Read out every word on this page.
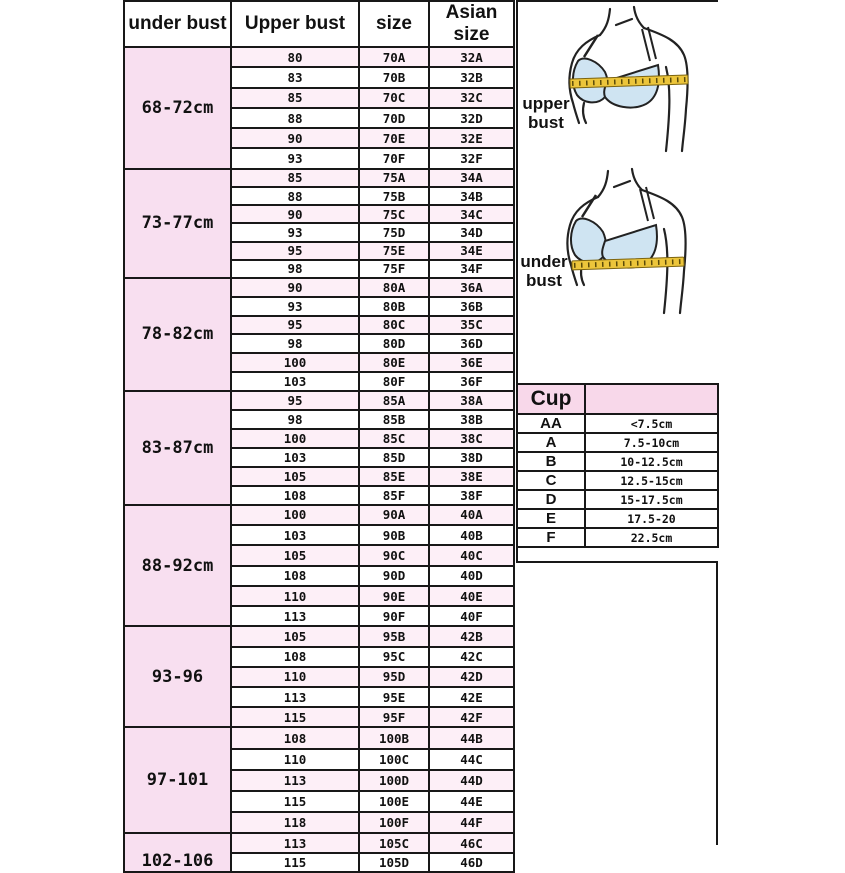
under bust	Upper bust	size	Asian size
68-72cm	80	70A	32A
	83	70B	32B
	85	70C	32C
	88	70D	32D
	90	70E	32E
	93	70F	32F
73-77cm	85	75A	34A
	88	75B	34B
	90	75C	34C
	93	75D	34D
	95	75E	34E
	98	75F	34F
78-82cm	90	80A	36A
	93	80B	36B
	95	80C	35C
	98	80D	36D
	100	80E	36E
	103	80F	36F
83-87cm	95	85A	38A
	98	85B	38B
	100	85C	38C
	103	85D	38D
	105	85E	38E
	108	85F	38F
88-92cm	100	90A	40A
	103	90B	40B
	105	90C	40C
	108	90D	40D
	110	90E	40E
	113	90F	40F
93-96	105	95B	42B
	108	95C	42C
	110	95D	42D
	113	95E	42E
	115	95F	42F
97-101	108	100B	44B
	110	100C	44C
	113	100D	44D
	115	100E	44E
	118	100F	44F

102-106	113	105C	46C
	115	105D	46D
upper
bust
under
bust
Cup	
AA	<7.5cm
A	7.5-10cm
B	10-12.5cm
C	12.5-15cm
D	15-17.5cm
E	17.5-20
F	22.5cm
